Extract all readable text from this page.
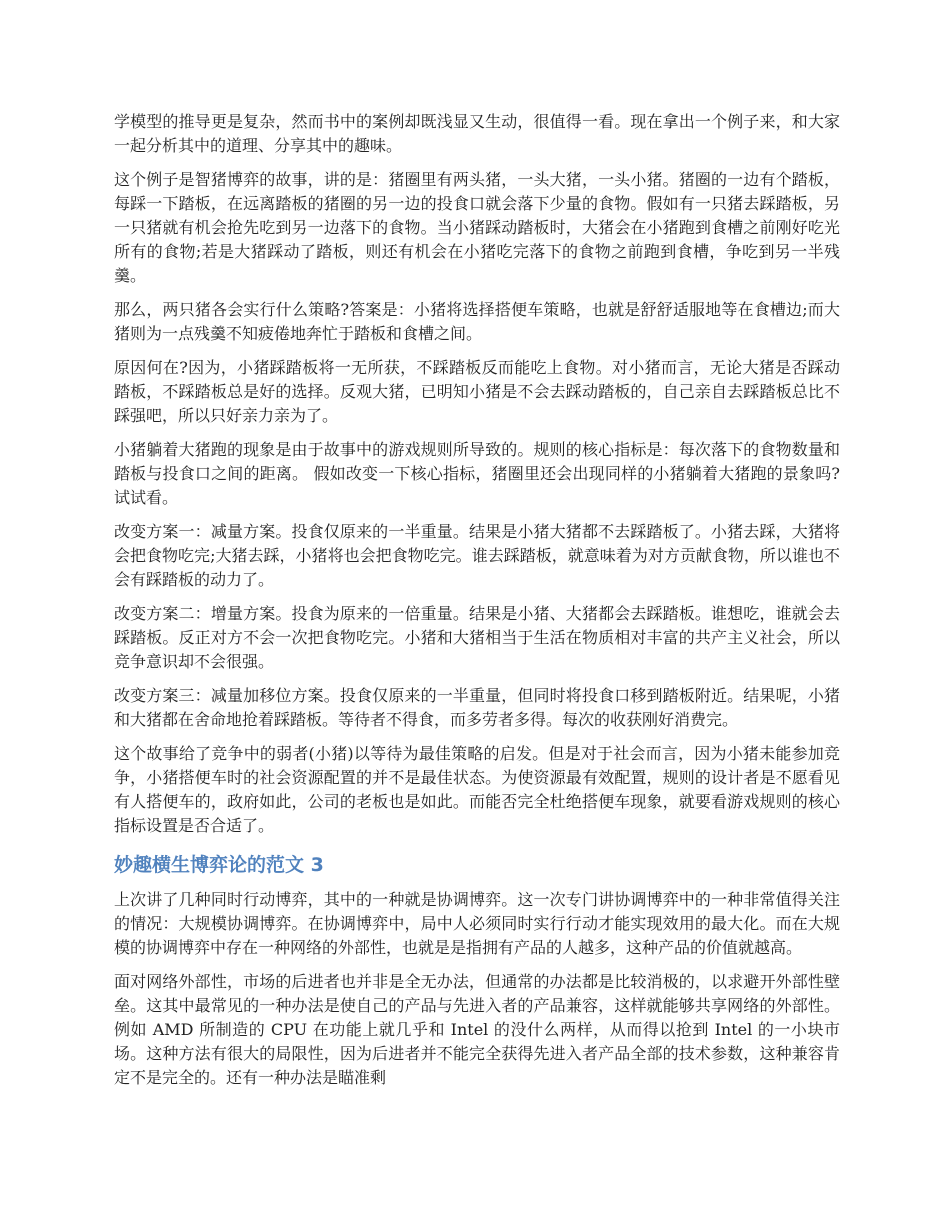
学模型的推导更是复杂，然而书中的案例却既浅显又生动，很值得一看。现在拿出一个例子来，和大家一起分析其中的道理、分享其中的趣味。

这个例子是智猪博弈的故事，讲的是：猪圈里有两头猪，一头大猪，一头小猪。猪圈的一边有个踏板，每踩一下踏板，在远离踏板的猪圈的另一边的投食口就会落下少量的食物。假如有一只猪去踩踏板，另一只猪就有机会抢先吃到另一边落下的食物。当小猪踩动踏板时，大猪会在小猪跑到食槽之前刚好吃光所有的食物;若是大猪踩动了踏板，则还有机会在小猪吃完落下的食物之前跑到食槽，争吃到另一半残羹。

那么，两只猪各会实行什么策略?答案是：小猪将选择搭便车策略，也就是舒舒适服地等在食槽边;而大猪则为一点残羹不知疲倦地奔忙于踏板和食槽之间。

原因何在?因为，小猪踩踏板将一无所获，不踩踏板反而能吃上食物。对小猪而言，无论大猪是否踩动踏板，不踩踏板总是好的选择。反观大猪，已明知小猪是不会去踩动踏板的，自己亲自去踩踏板总比不踩强吧，所以只好亲力亲为了。

小猪躺着大猪跑的现象是由于故事中的游戏规则所导致的。规则的核心指标是：每次落下的食物数量和踏板与投食口之间的距离。 假如改变一下核心指标，猪圈里还会出现同样的小猪躺着大猪跑的景象吗?试试看。

改变方案一：减量方案。投食仅原来的一半重量。结果是小猪大猪都不去踩踏板了。小猪去踩，大猪将会把食物吃完;大猪去踩，小猪将也会把食物吃完。谁去踩踏板，就意味着为对方贡献食物，所以谁也不会有踩踏板的动力了。

改变方案二：增量方案。投食为原来的一倍重量。结果是小猪、大猪都会去踩踏板。谁想吃，谁就会去踩踏板。反正对方不会一次把食物吃完。小猪和大猪相当于生活在物质相对丰富的共产主义社会，所以竞争意识却不会很强。

改变方案三：减量加移位方案。投食仅原来的一半重量，但同时将投食口移到踏板附近。结果呢，小猪和大猪都在舍命地抢着踩踏板。等待者不得食，而多劳者多得。每次的收获刚好消费完。

这个故事给了竞争中的弱者(小猪)以等待为最佳策略的启发。但是对于社会而言，因为小猪未能参加竞争，小猪搭便车时的社会资源配置的并不是最佳状态。为使资源最有效配置，规则的设计者是不愿看见有人搭便车的，政府如此，公司的老板也是如此。而能否完全杜绝搭便车现象，就要看游戏规则的核心指标设置是否合适了。

妙趣横生博弈论的范文 3

上次讲了几种同时行动博弈，其中的一种就是协调博弈。这一次专门讲协调博弈中的一种非常值得关注的情况：大规模协调博弈。在协调博弈中，局中人必须同时实行行动才能实现效用的最大化。而在大规模的协调博弈中存在一种网络的外部性，也就是是指拥有产品的人越多，这种产品的价值就越高。

面对网络外部性，市场的后进者也并非是全无办法，但通常的办法都是比较消极的，以求避开外部性壁垒。这其中最常见的一种办法是使自己的产品与先进入者的产品兼容，这样就能够共享网络的外部性。例如 AMD 所制造的 CPU 在功能上就几乎和 Intel 的没什么两样，从而得以抢到 Intel 的一小块市场。这种方法有很大的局限性，因为后进者并不能完全获得先进入者产品全部的技术参数，这种兼容肯定不是完全的。还有一种办法是瞄准剩
